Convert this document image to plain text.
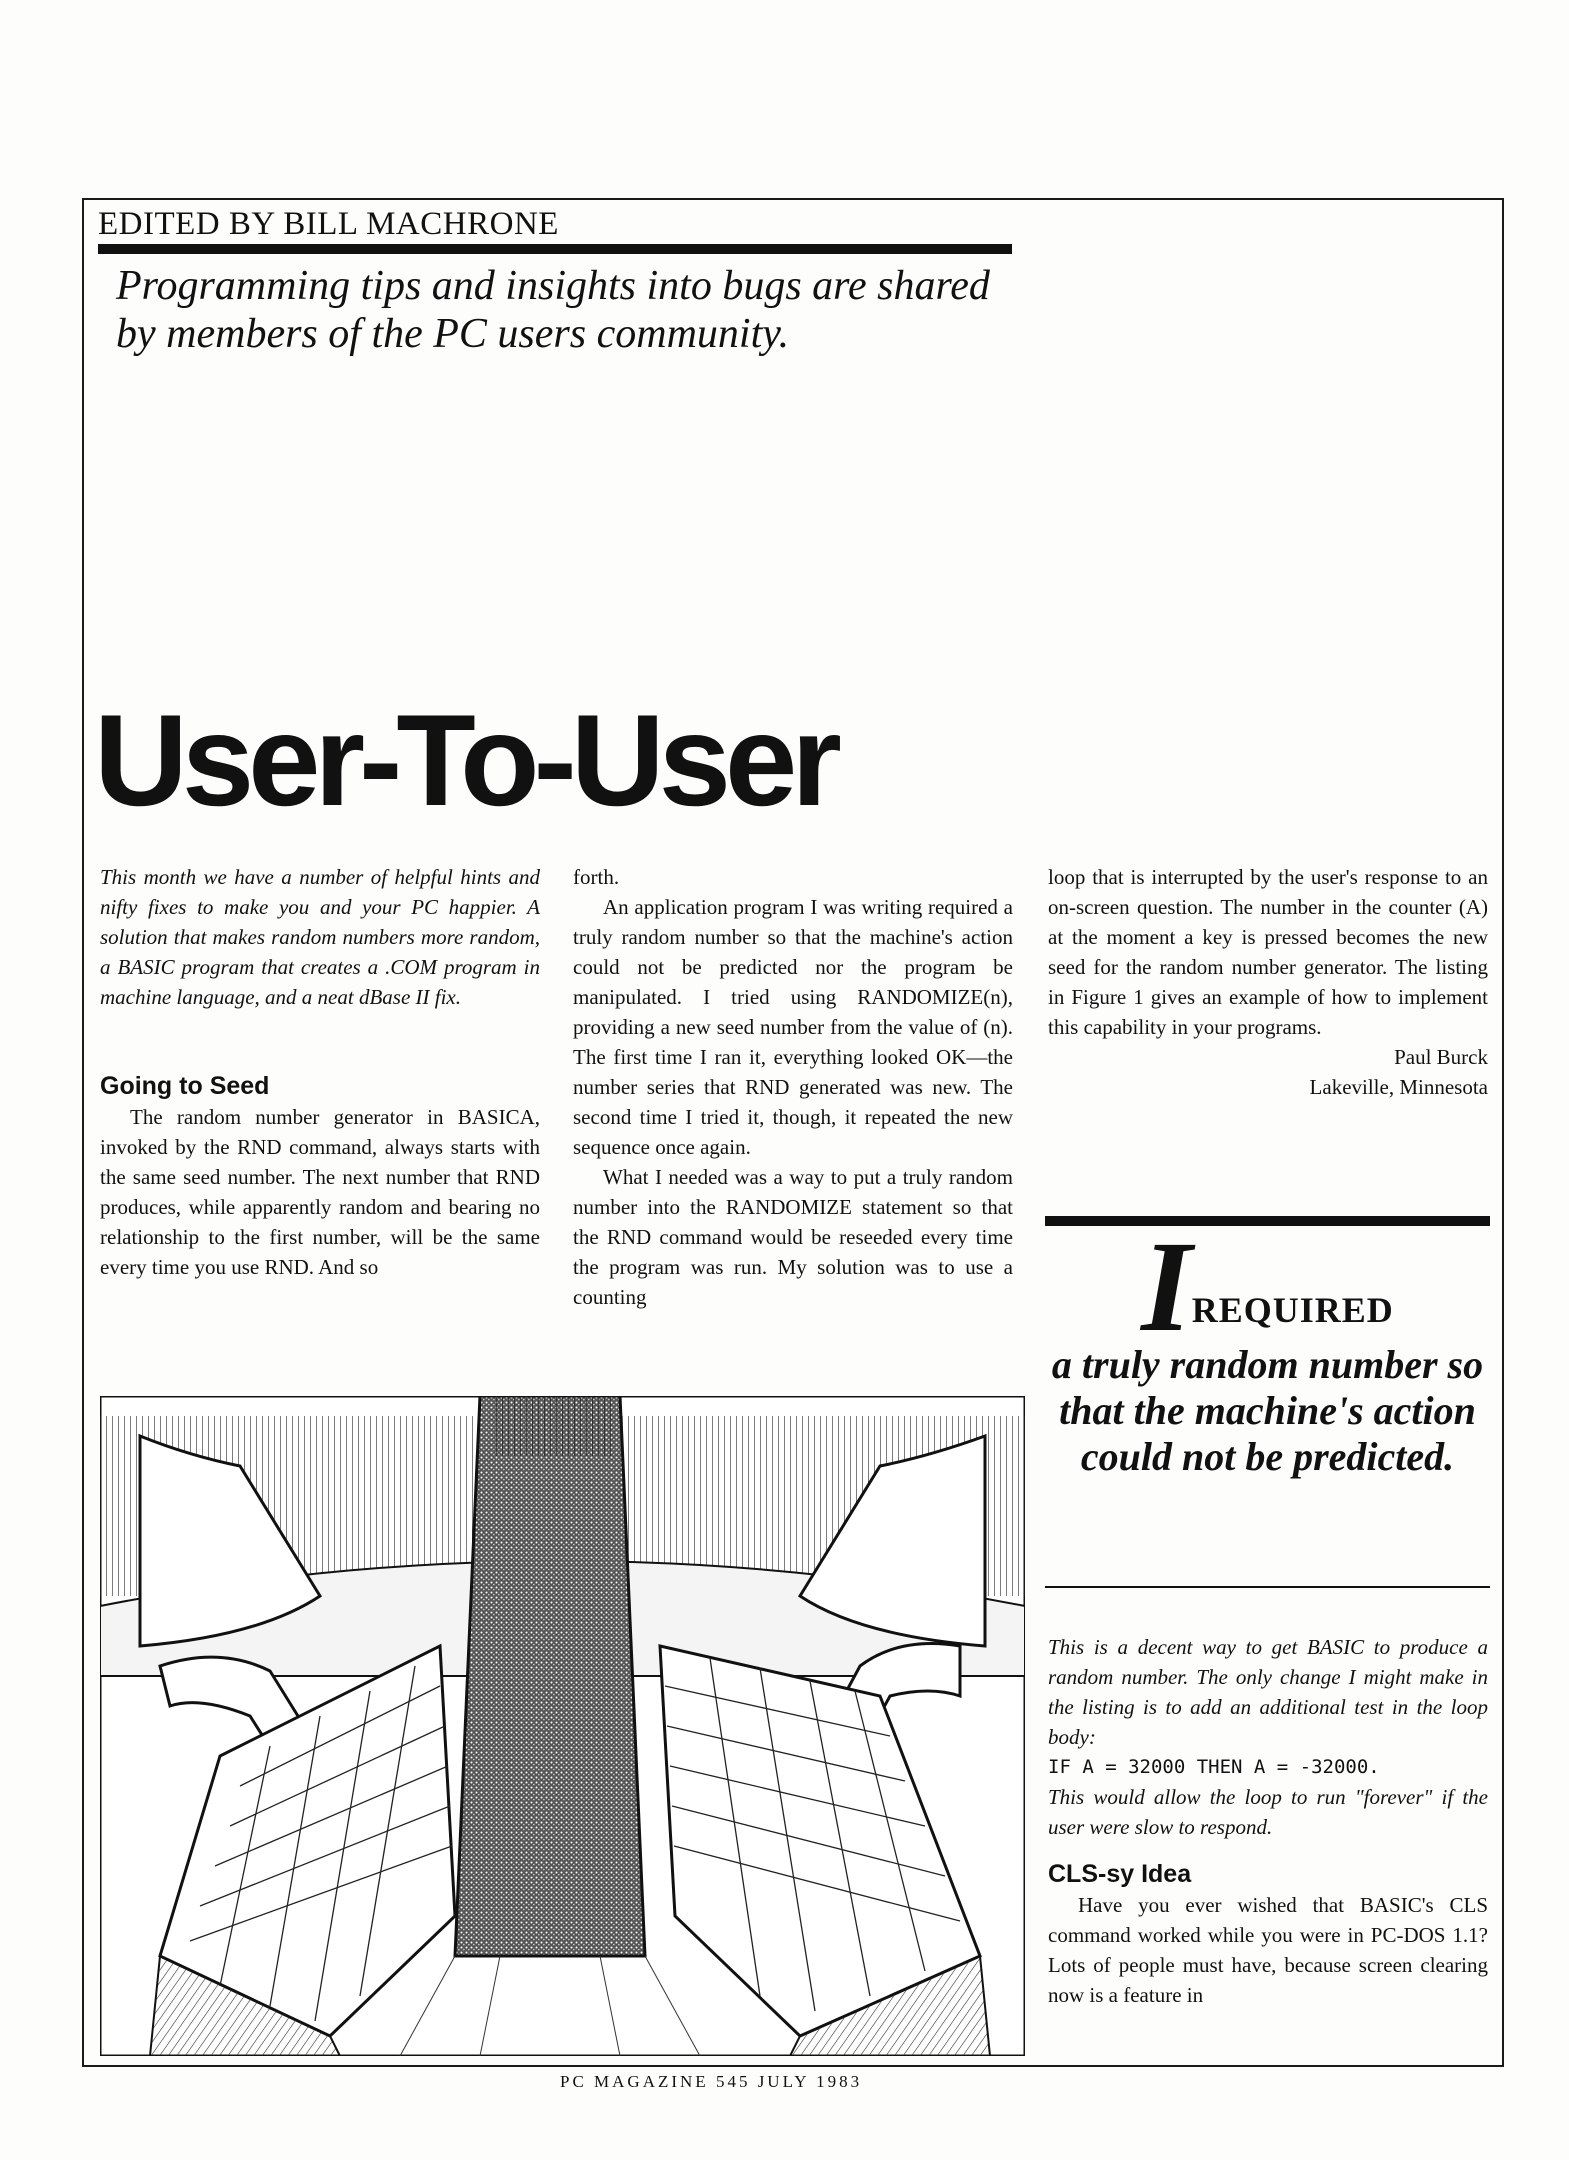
EDITED BY BILL MACHRONE
Programming tips and insights into bugs are shared by members of the PC users community.
User-To-User

This month we have a number of helpful hints and nifty fixes to make you and your PC happier. A solution that makes random numbers more random, a BASIC program that creates a .COM program in machine language, and a neat dBase II fix.

Going to Seed

The random number generator in BASICA, invoked by the RND command, always starts with the same seed number. The next number that RND produces, while apparently random and bearing no relationship to the first number, will be the same every time you use RND. And so

forth.

An application program I was writing required a truly random number so that the machine's action could not be predicted nor the program be manipulated. I tried using RANDOMIZE(n), providing a new seed number from the value of (n). The first time I ran it, everything looked OK—the number series that RND generated was new. The second time I tried it, though, it repeated the new sequence once again.

What I needed was a way to put a truly random number into the RANDOMIZE statement so that the RND command would be reseeded every time the program was run. My solution was to use a counting

loop that is interrupted by the user's response to an on-screen question. The number in the counter (A) at the moment a key is pressed becomes the new seed for the random number generator. The listing in Figure 1 gives an example of how to implement this capability in your programs.

Paul Burck

Lakeville, Minnesota

IREQUIRED
a truly random number so that the machine's action could not be predicted.

This is a decent way to get BASIC to produce a random number. The only change I might make in the listing is to add an additional test in the loop body:

IF A = 32000 THEN A = -32000.

This would allow the loop to run "forever" if the user were slow to respond.

CLS-sy Idea

Have you ever wished that BASIC's CLS command worked while you were in PC-DOS 1.1? Lots of people must have, because screen clearing now is a feature in

PC MAGAZINE 545 JULY 1983
